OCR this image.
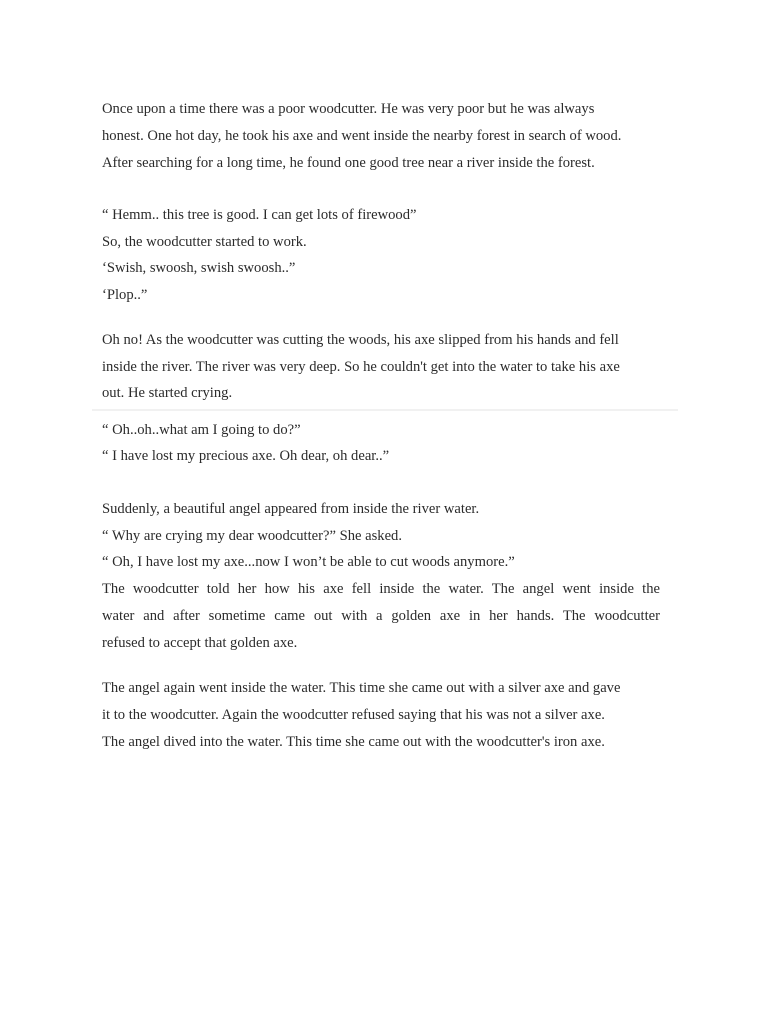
Once upon a time there was a poor woodcutter. He was very poor but he was always
honest. One hot day, he took his axe and went inside the nearby forest in search of wood.
After searching for a long time, he found one good tree near a river inside the forest.
“ Hemm.. this tree is good. I can get lots of firewood”
So, the woodcutter started to work.
‘Swish, swoosh, swish swoosh..”
‘Plop..”
Oh no! As the woodcutter was cutting the woods, his axe slipped from his hands and fell
inside the river. The river was very deep. So he couldn't get into the water to take his axe
out. He started crying.
“ Oh..oh..what am I going to do?”
“ I have lost my precious axe. Oh dear, oh dear..”
Suddenly, a beautiful angel appeared from inside the river water.
“ Why are crying my dear woodcutter?” She asked.
“ Oh, I have lost my axe...now I won’t be able to cut woods anymore.”
The woodcutter told her how his axe fell inside the water. The angel went inside the
water and after sometime came out with a golden axe in her hands. The woodcutter
refused to accept that golden axe.
The angel again went inside the water. This time she came out with a silver axe and gave
it to the woodcutter. Again the woodcutter refused saying that his was not a silver axe.
The angel dived into the water. This time she came out with the woodcutter's iron axe.
